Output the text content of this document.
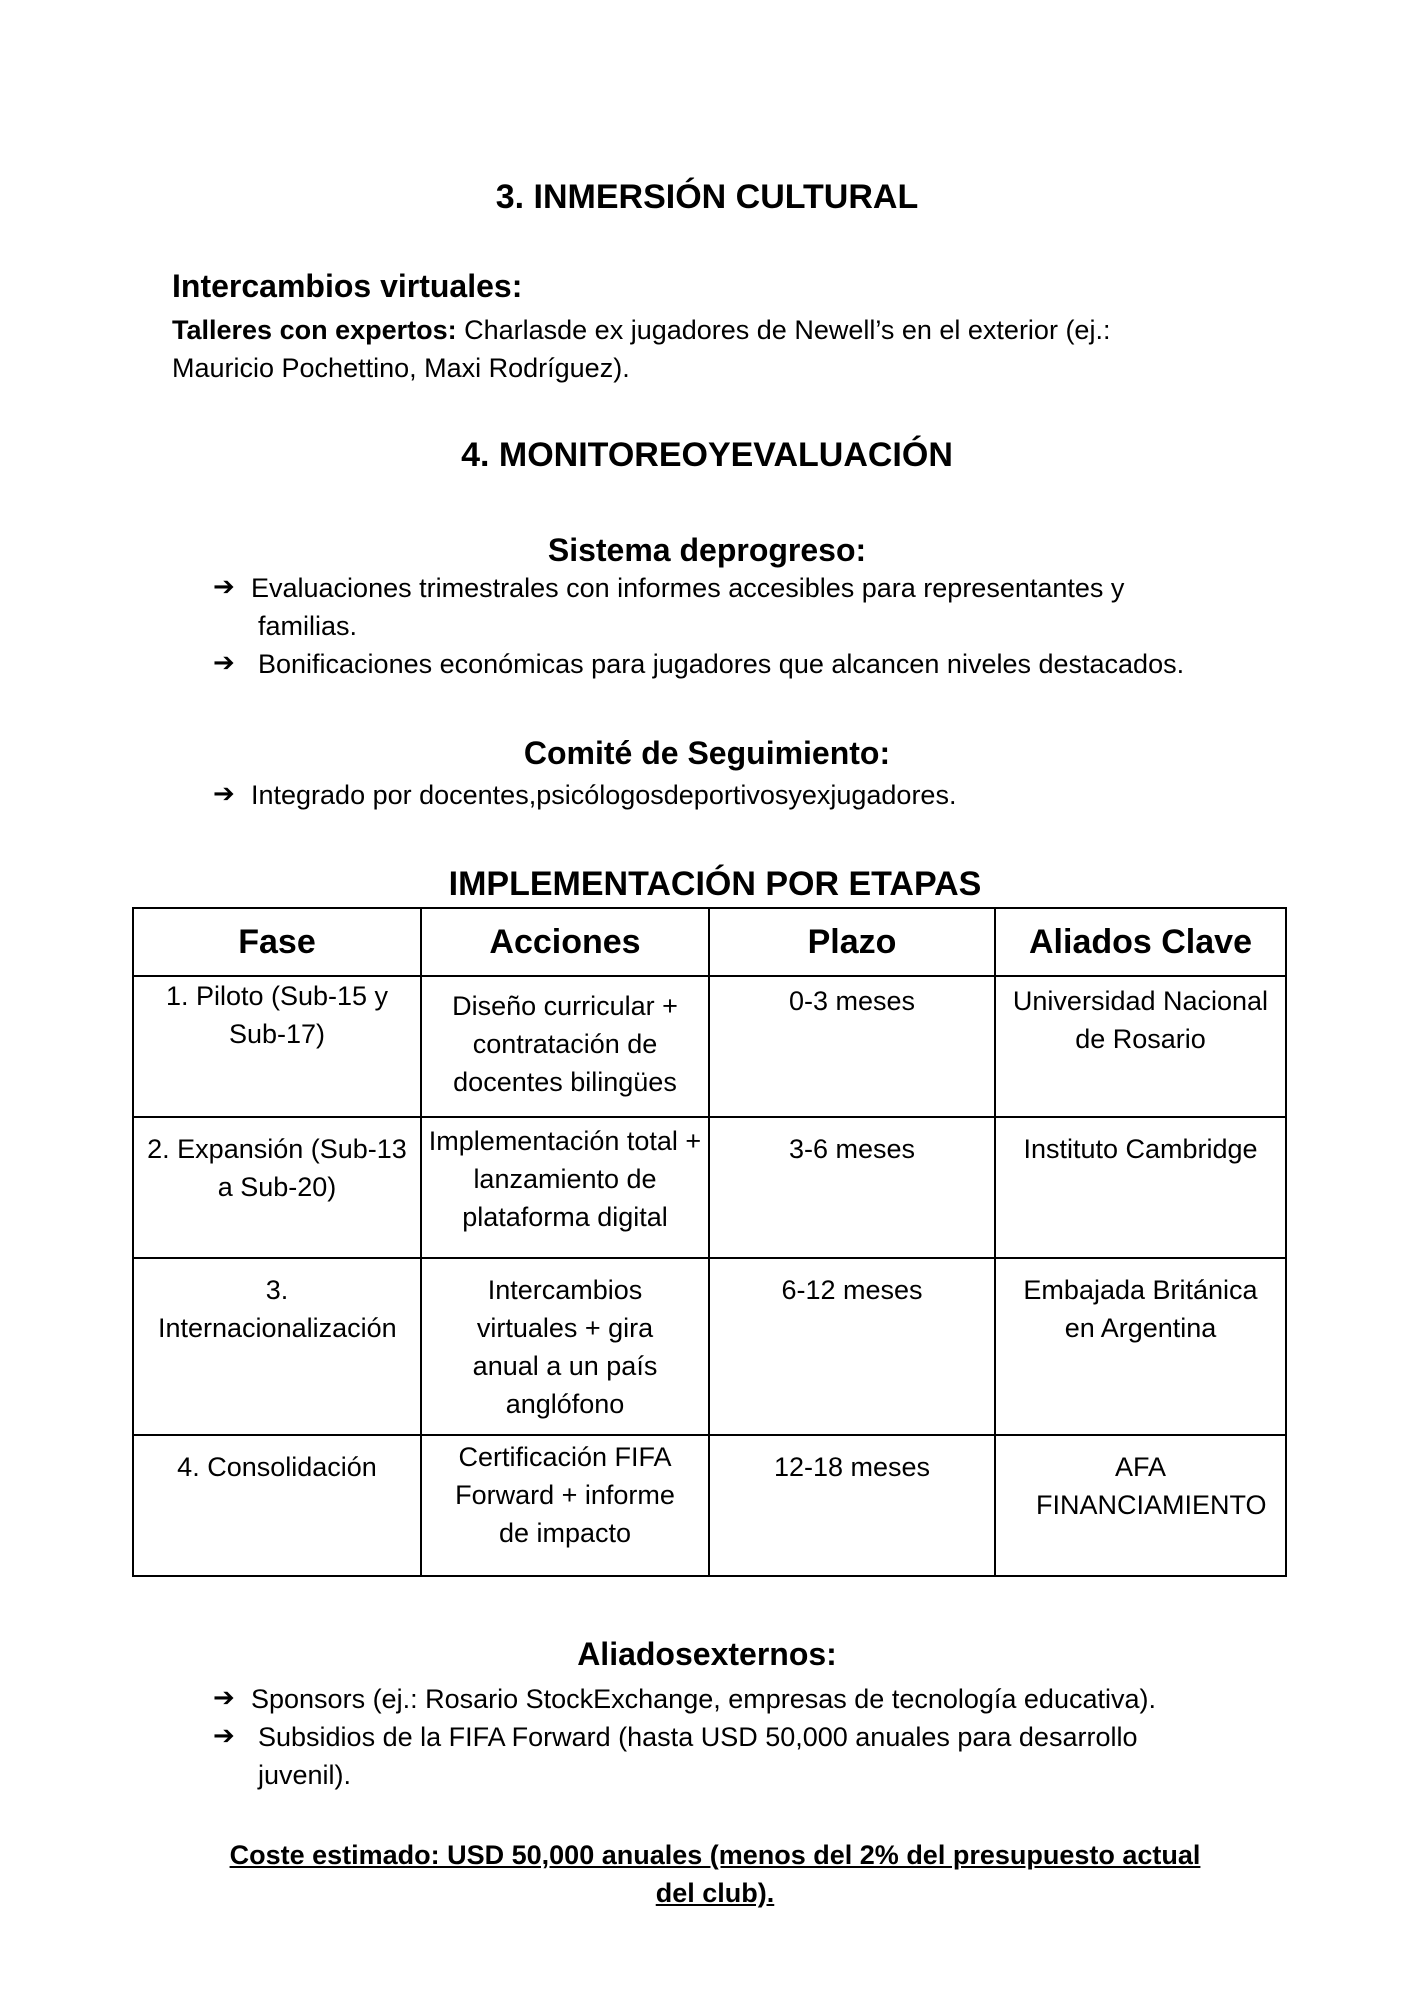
3. INMERSIÓN CULTURAL
Intercambios virtuales:
Talleres con expertos: Charlasde ex jugadores de Newell’s en el exterior (ej.:
Mauricio Pochettino, Maxi Rodríguez).
4. MONITOREOYEVALUACIÓN
Sistema deprogreso:
➔ Evaluaciones trimestrales con informes accesibles para representantes y
familias.
➔ Bonificaciones económicas para jugadores que alcancen niveles destacados.
Comité de Seguimiento:
➔ Integrado por docentes,psicólogosdeportivosyexjugadores.
IMPLEMENTACIÓN POR ETAPAS
Fase	Acciones	Plazo	Aliados Clave
1. Piloto (Sub-15 y Sub-17)	Diseño curricular + contratación de docentes bilingües	0-3 meses	Universidad Nacional de Rosario
2. Expansión (Sub-13 a Sub-20)	Implementación total + lanzamiento de plataforma digital	3-6 meses	Instituto Cambridge
3. Internacionalización	Intercambios virtuales + gira anual a un país anglófono	6-12 meses	Embajada Británica en Argentina
4. Consolidación	Certificación FIFA Forward + informe de impacto	12-18 meses	AFA FINANCIAMIENTO
Aliadosexternos:
➔ Sponsors (ej.: Rosario StockExchange, empresas de tecnología educativa).
➔ Subsidios de la FIFA Forward (hasta USD 50,000 anuales para desarrollo
juvenil).
Coste estimado: USD 50,000 anuales (menos del 2% del presupuesto actual
del club).
